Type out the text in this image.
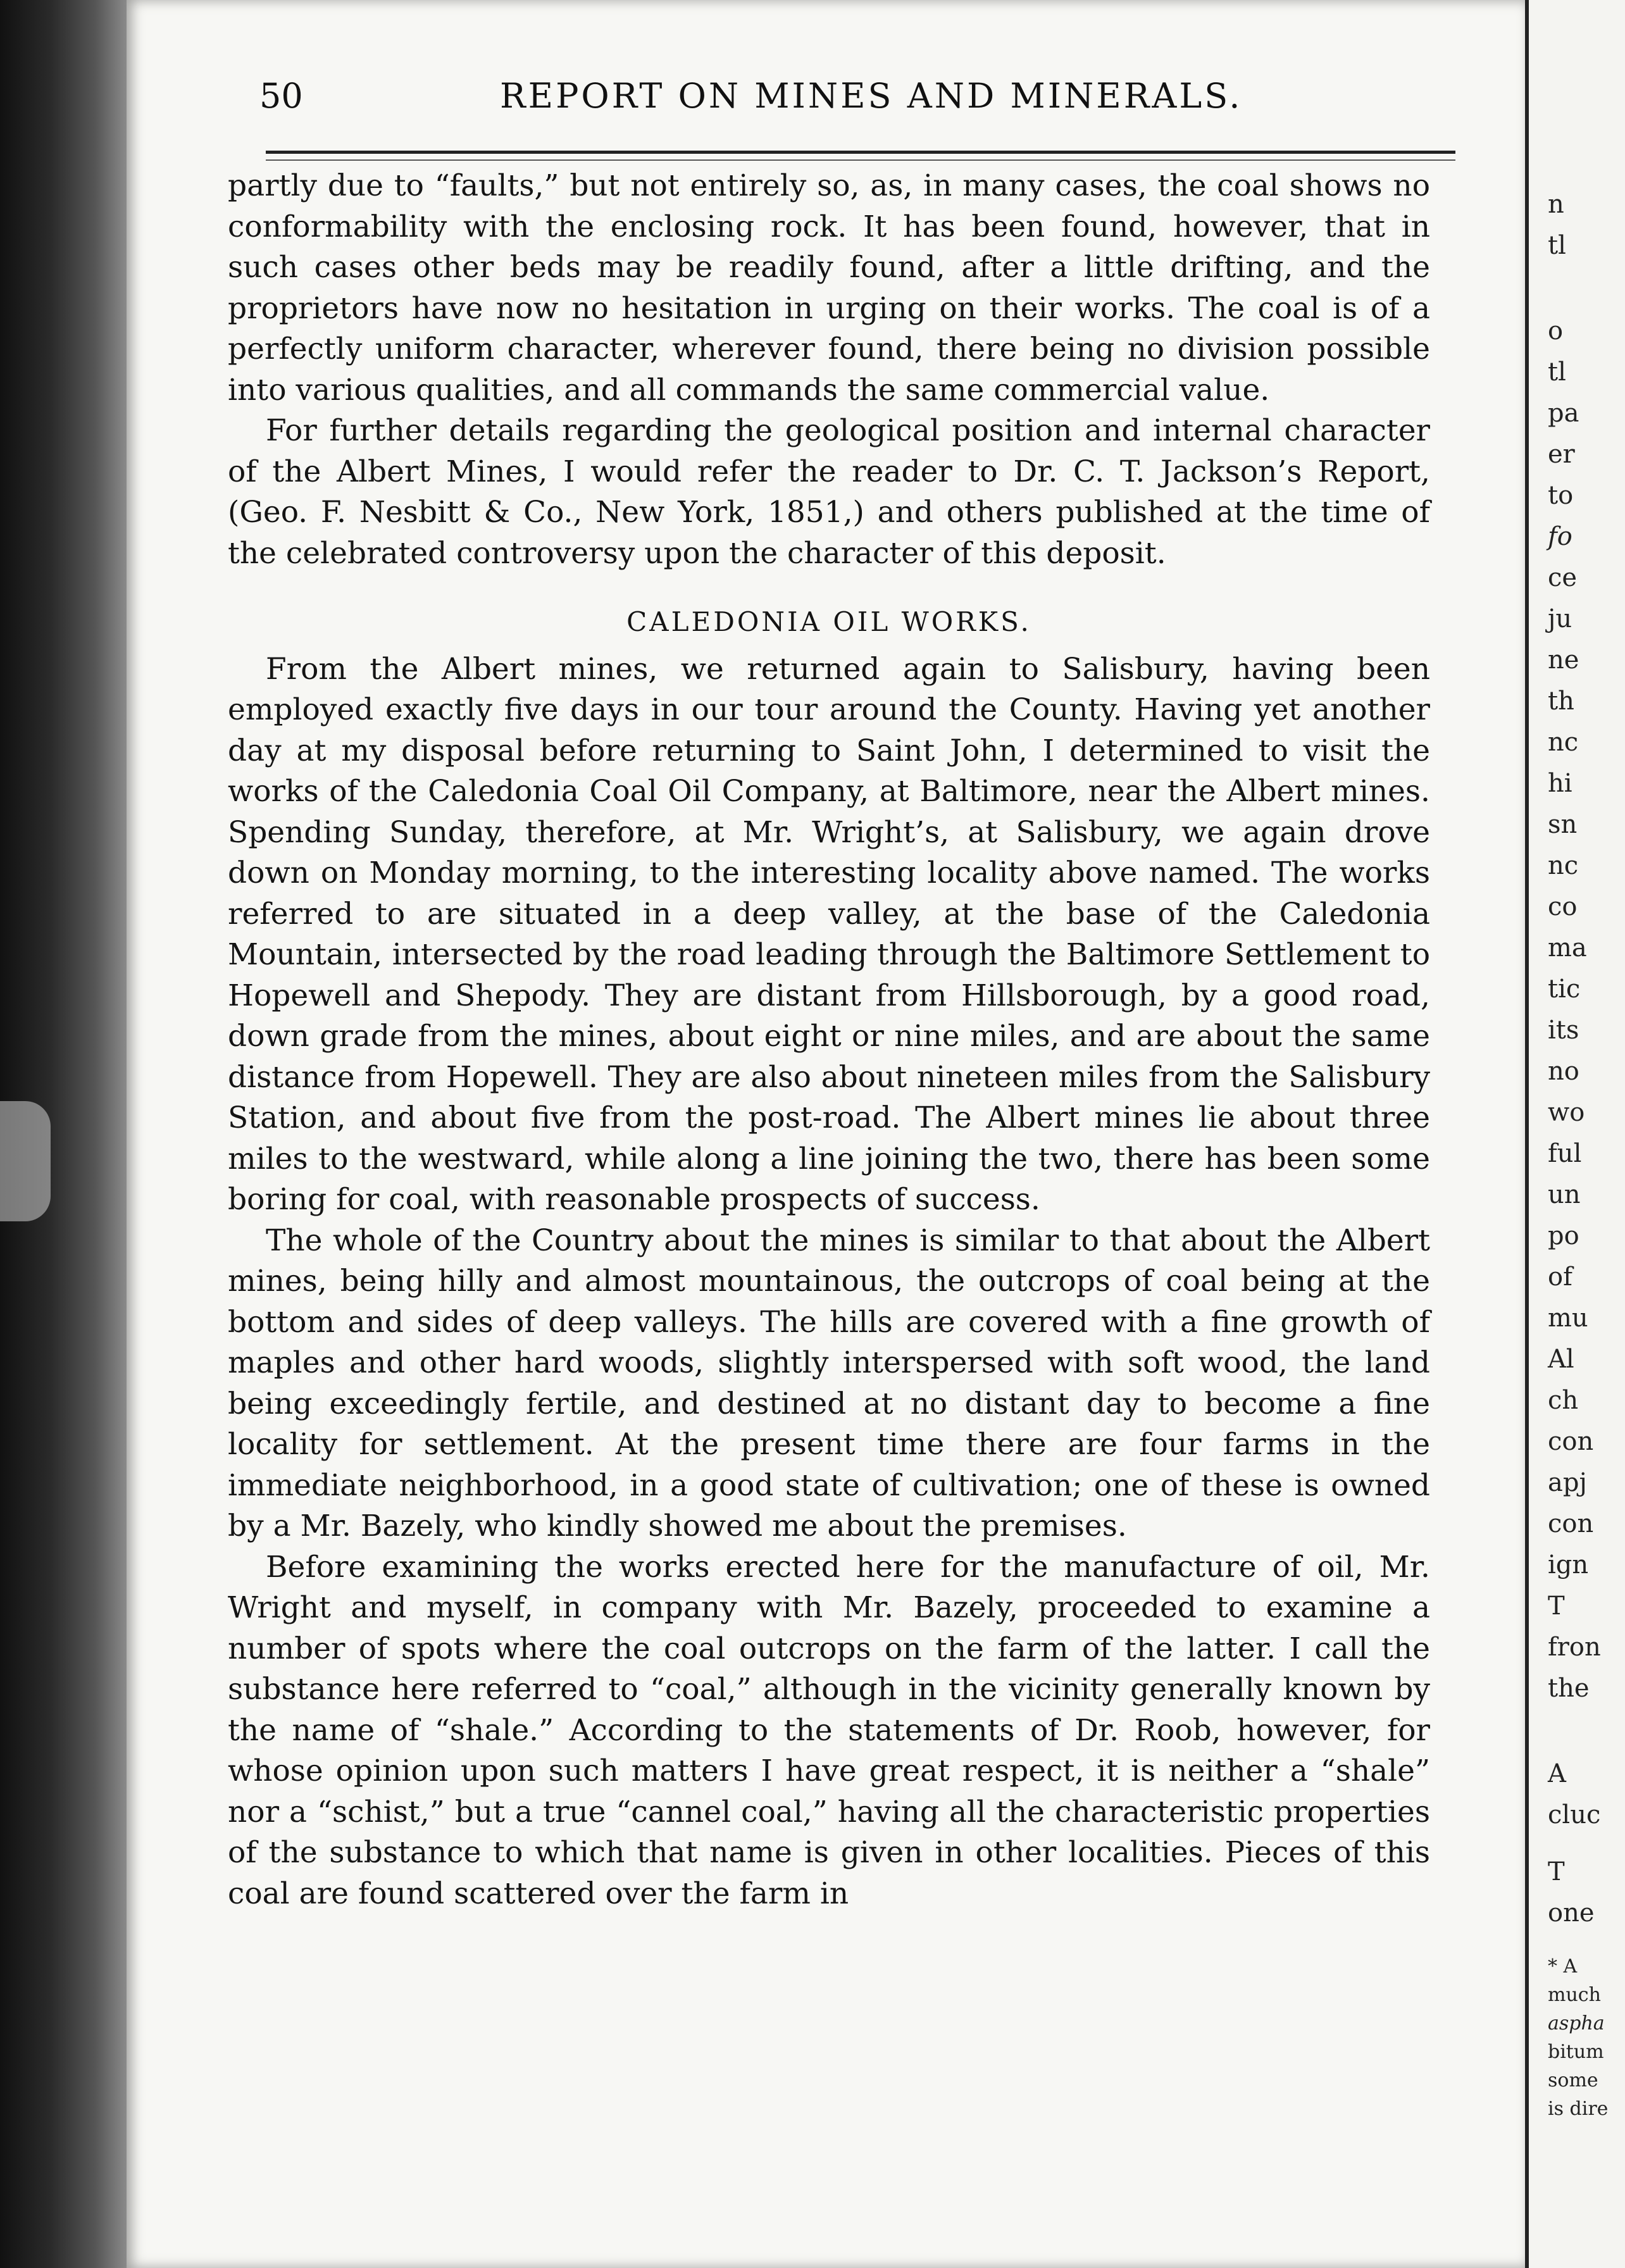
50	REPORT ON MINES AND MINERALS.

partly due to “faults,” but not entirely so, as, in many cases, the coal shows no conformability with the enclosing rock. It has been found, however, that in such cases other beds may be readily found, after a little drifting, and the proprietors have now no hesitation in urging on their works. The coal is of a perfectly uniform character, wherever found, there being no division possible into various qualities, and all commands the same commercial value.

For further details regarding the geological position and internal character of the Albert Mines, I would refer the reader to Dr. C. T. Jackson’s Report, (Geo. F. Nesbitt & Co., New York, 1851,) and others published at the time of the celebrated controversy upon the character of this deposit.

CALEDONIA OIL WORKS.

From the Albert mines, we returned again to Salisbury, having been employed exactly five days in our tour around the County. Having yet another day at my disposal before returning to Saint John, I determined to visit the works of the Caledonia Coal Oil Company, at Baltimore, near the Albert mines. Spending Sunday, therefore, at Mr. Wright’s, at Salisbury, we again drove down on Monday morning, to the interesting locality above named. The works referred to are situated in a deep valley, at the base of the Caledonia Mountain, intersected by the road leading through the Baltimore Settlement to Hopewell and Shepody. They are distant from Hillsborough, by a good road, down grade from the mines, about eight or nine miles, and are about the same distance from Hopewell. They are also about nineteen miles from the Salisbury Station, and about five from the post-road. The Albert mines lie about three miles to the westward, while along a line joining the two, there has been some boring for coal, with reasonable prospects of success.

The whole of the Country about the mines is similar to that about the Albert mines, being hilly and almost mountainous, the outcrops of coal being at the bottom and sides of deep valleys. The hills are covered with a fine growth of maples and other hard woods, slightly interspersed with soft wood, the land being exceedingly fertile, and destined at no distant day to become a fine locality for settlement. At the present time there are four farms in the immediate neighborhood, in a good state of cultivation; one of these is owned by a Mr. Bazely, who kindly showed me about the premises.

Before examining the works erected here for the manufacture of oil, Mr. Wright and myself, in company with Mr. Bazely, proceeded to examine a number of spots where the coal outcrops on the farm of the latter. I call the substance here referred to “coal,” although in the vicinity generally known by the name of “shale.” According to the statements of Dr. Roob, however, for whose opinion upon such matters I have great respect, it is neither a “shale” nor a “schist,” but a true “cannel coal,” having all the characteristic properties of the substance to which that name is given in other localities. Pieces of this coal are found scattered over the farm in

n
tl
o
tl
pa
er
to
fo
ce
ju
ne
th
nc
hi
sn
nc
co
ma
tic
its
no
wo
ful
un
po
of
mu
Al
ch
con
apj
con
ign
T
fron
the
A
cluc
T
one
* A
much
aspha
bitum
some
is dire
